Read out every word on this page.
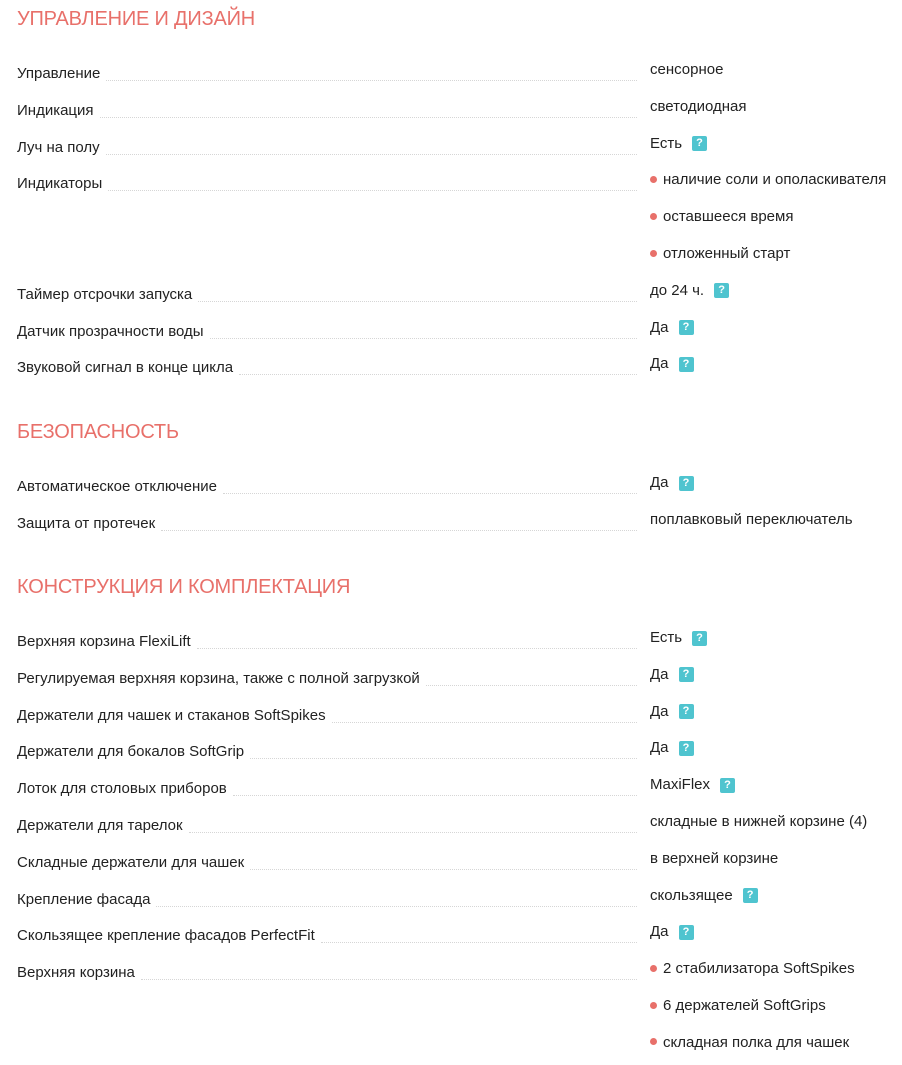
УПРАВЛЕНИЕ И ДИЗАЙН
Управление	сенсорное
Индикация	светодиодная
Луч на полу	Есть ?
Индикаторы	наличие соли и ополаскивателя
оставшееся время
отложенный старт
Таймер отсрочки запуска	до 24 ч. ?
Датчик прозрачности воды	Да ?
Звуковой сигнал в конце цикла	Да ?
БЕЗОПАСНОСТЬ
Автоматическое отключение	Да ?
Защита от протечек	поплавковый переключатель
КОНСТРУКЦИЯ И КОМПЛЕКТАЦИЯ
Верхняя корзина FlexiLift	Есть ?
Регулируемая верхняя корзина, также с полной загрузкой	Да ?
Держатели для чашек и стаканов SoftSpikes	Да ?
Держатели для бокалов SoftGrip	Да ?
Лоток для столовых приборов	MaxiFlex ?
Держатели для тарелок	складные в нижней корзине (4)
Складные держатели для чашек	в верхней корзине
Крепление фасада	скользящее ?
Скользящее крепление фасадов PerfectFit	Да ?
Верхняя корзина	2 стабилизатора SoftSpikes
6 держателей SoftGrips
складная полка для чашек
